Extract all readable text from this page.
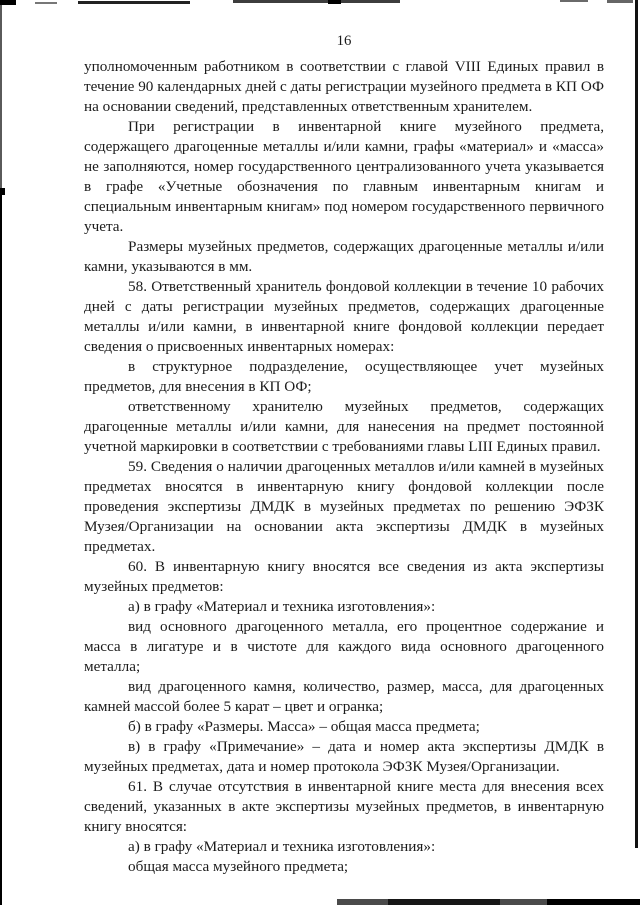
16
уполномоченным работником в соответствии с главой VIII Единых правил в течение 90 календарных дней с даты регистрации музейного предмета в КП ОФ на основании сведений, представленных ответственным хранителем.
При регистрации в инвентарной книге музейного предмета, содержащего драгоценные металлы и/или камни, графы «материал» и «масса» не заполняются, номер государственного централизованного учета указывается в графе «Учетные обозначения по главным инвентарным книгам и специальным инвентарным книгам» под номером государственного первичного учета.
Размеры музейных предметов, содержащих драгоценные металлы и/или камни, указываются в мм.
58. Ответственный хранитель фондовой коллекции в течение 10 рабочих дней с даты регистрации музейных предметов, содержащих драгоценные металлы и/или камни, в инвентарной книге фондовой коллекции передает сведения о присвоенных инвентарных номерах:
в структурное подразделение, осуществляющее учет музейных предметов, для внесения в КП ОФ;
ответственному хранителю музейных предметов, содержащих драгоценные металлы и/или камни, для нанесения на предмет постоянной учетной маркировки в соответствии с требованиями главы LIII Единых правил.
59. Сведения о наличии драгоценных металлов и/или камней в музейных предметах вносятся в инвентарную книгу фондовой коллекции после проведения экспертизы ДМДК в музейных предметах по решению ЭФЗК Музея/Организации на основании акта экспертизы ДМДК в музейных предметах.
60. В инвентарную книгу вносятся все сведения из акта экспертизы музейных предметов:
а) в графу «Материал и техника изготовления»:
вид основного драгоценного металла, его процентное содержание и масса в лигатуре и в чистоте для каждого вида основного драгоценного металла;
вид драгоценного камня, количество, размер, масса, для драгоценных камней массой более 5 карат – цвет и огранка;
б) в графу «Размеры. Масса» – общая масса предмета;
в) в графу «Примечание» – дата и номер акта экспертизы ДМДК в музейных предметах, дата и номер протокола ЭФЗК Музея/Организации.
61. В случае отсутствия в инвентарной книге места для внесения всех сведений, указанных в акте экспертизы музейных предметов, в инвентарную книгу вносятся:
а) в графу «Материал и техника изготовления»:
общая масса музейного предмета;
